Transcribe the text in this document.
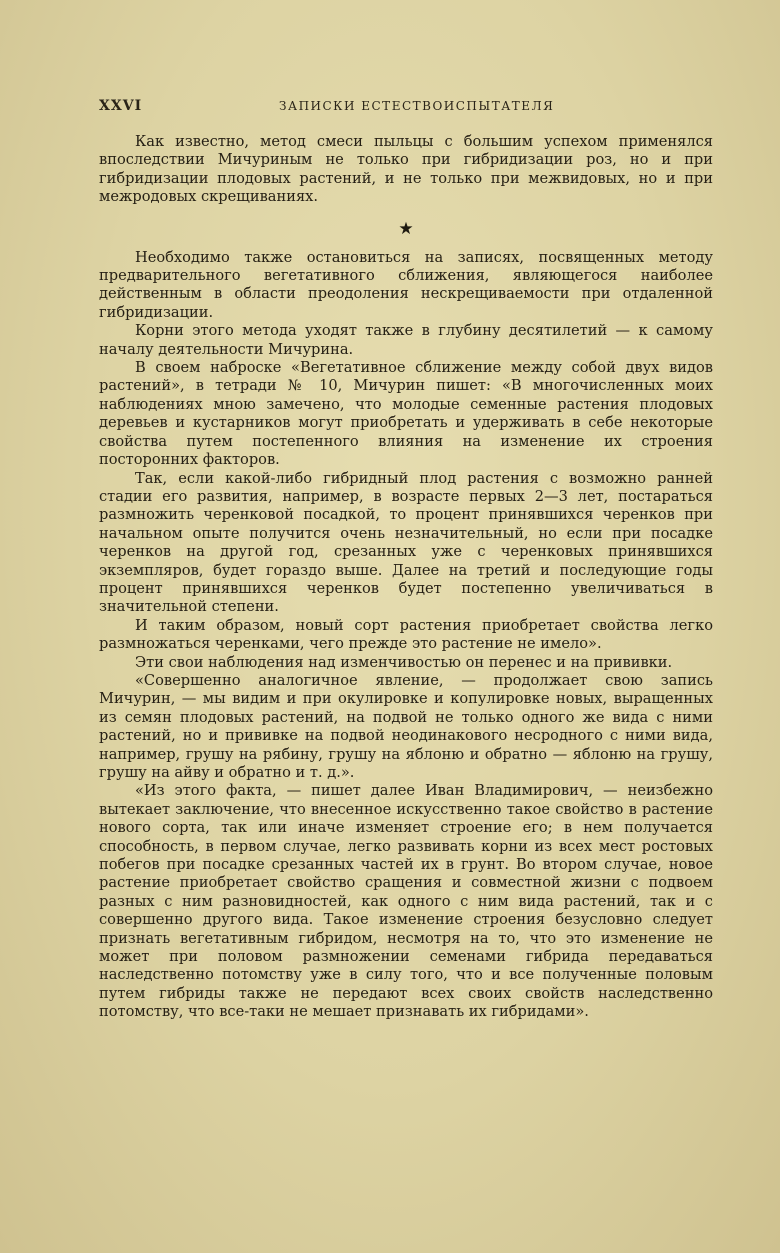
XXVI	ЗАПИСКИ ЕСТЕСТВОИСПЫТАТЕЛЯ

Как известно, метод смеси пыльцы с большим успехом применялся впоследствии Мичуриным не только при гибридизации роз, но и при гибридизации плодовых растений, и не только при межвидовых, но и при межродовых скрещиваниях.

★

Необходимо также остановиться на записях, посвященных методу предварительного вегетативного сближения, являющегося наиболее действенным в области преодоления нескрещиваемости при отдаленной гибридизации.

Корни этого метода уходят также в глубину десятилетий — к самому началу деятельности Мичурина.

В своем наброске «Вегетативное сближение между собой двух видов растений», в тетради № 10, Мичурин пишет: «В многочисленных моих наблюдениях мною замечено, что молодые семенные растения плодовых деревьев и кустарников могут приобретать и удерживать в себе некоторые свойства путем постепенного влияния на изменение их строения посторонних факторов.

Так, если какой-либо гибридный плод растения с возможно ранней стадии его развития, например, в возрасте первых 2—3 лет, постараться размножить черенковой посадкой, то процент принявшихся черенков при начальном опыте получится очень незначительный, но если при посадке черенков на другой год, срезанных уже с черенковых принявшихся экземпляров, будет гораздо выше. Далее на третий и последующие годы процент принявшихся черенков будет постепенно увеличиваться в значительной степени.

И таким образом, новый сорт растения приобретает свойства легко размножаться черенками, чего прежде это растение не имело».

Эти свои наблюдения над изменчивостью он перенес и на прививки.

«Совершенно аналогичное явление, — продолжает свою запись Мичурин, — мы видим и при окулировке и копулировке новых, выращенных из семян плодовых растений, на подвой не только одного же вида с ними растений, но и прививке на подвой неодинакового несродного с ними вида, например, грушу на рябину, грушу на яблоню и обратно — яблоню на грушу, грушу на айву и обратно и т. д.».

«Из этого факта, — пишет далее Иван Владимирович, — неизбежно вытекает заключение, что внесенное искусственно такое свойство в растение нового сорта, так или иначе изменяет строение его; в нем получается способность, в первом случае, легко развивать корни из всех мест ростовых побегов при посадке срезанных частей их в грунт. Во втором случае, новое растение приобретает свойство сращения и совместной жизни с подвоем разных с ним разновидностей, как одного с ним вида растений, так и с совершенно другого вида. Такое изменение строения безусловно следует признать вегетативным гибридом, несмотря на то, что это изменение не может при половом размножении семенами гибрида передаваться наследственно потомству уже в силу того, что и все полученные половым путем гибриды также не передают всех своих свойств наследственно потомству, что все-таки не мешает признавать их гибридами».
